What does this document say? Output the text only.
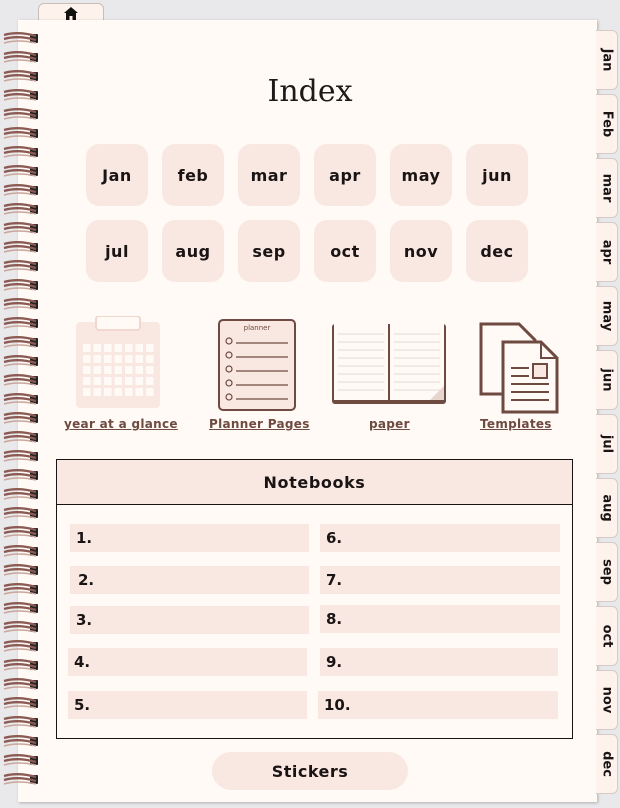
Index
Jan	feb	mar	apr	may	jun
jul	aug	sep	oct	nov	dec
year at a glance
planner
Planner Pages	paper	Templates
Notebooks
1.
2.
3.
4.
5.
6.
7.
8.
9.
10.
Stickers
Jan
Feb
mar
apr
may
jun
jul
aug
sep
oct
nov
dec
